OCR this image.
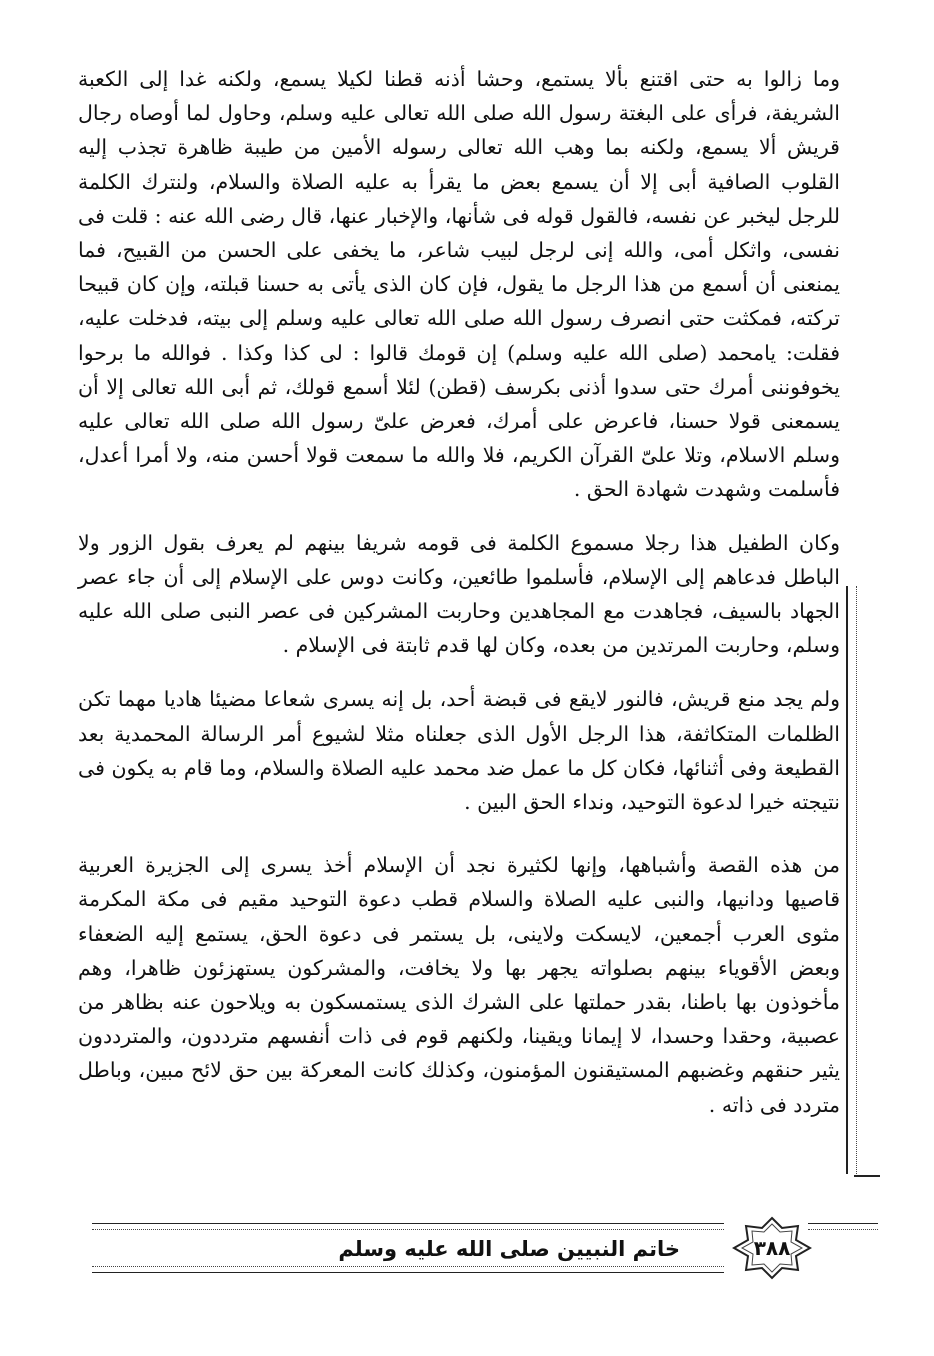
وما زالوا به حتى اقتنع بألا يستمع، وحشا أذنه قطنا لكيلا يسمع، ولكنه غدا إلى الكعبة الشريفة، فرأى على البغتة رسول الله صلى الله تعالى عليه وسلم، وحاول لما أوصاه رجال قريش ألا يسمع، ولكنه بما وهب الله تعالى رسوله الأمين من طيبة ظاهرة تجذب إليه القلوب الصافية أبى إلا أن يسمع بعض ما يقرأ به عليه الصلاة والسلام، ولنترك الكلمة للرجل ليخبر عن نفسه، فالقول قوله فى شأنها، والإخبار عنها، قال رضى الله عنه : قلت فى نفسى، واثكل أمى، والله إنى لرجل لبيب شاعر، ما يخفى على الحسن من القبيح، فما يمنعنى أن أسمع من هذا الرجل ما يقول، فإن كان الذى يأتى به حسنا قبلته، وإن كان قبيحا تركته، فمكثت حتى انصرف رسول الله صلى الله تعالى عليه وسلم إلى بيته، فدخلت عليه، فقلت: يامحمد (صلى الله عليه وسلم) إن قومك قالوا : لى كذا وكذا . فوالله ما برحوا يخوفوننى أمرك حتى سدوا أذنى بكرسف (قطن) لئلا أسمع قولك، ثم أبى الله تعالى إلا أن يسمعنى قولا حسنا، فاعرض على أمرك، فعرض علىّ رسول الله صلى الله تعالى عليه وسلم الاسلام، وتلا علىّ القرآن الكريم، فلا والله ما سمعت قولا أحسن منه، ولا أمرا أعدل، فأسلمت وشهدت شهادة الحق .

وكان الطفيل هذا رجلا مسموع الكلمة فى قومه شريفا بينهم لم يعرف بقول الزور ولا الباطل فدعاهم إلى الإسلام، فأسلموا طائعين، وكانت دوس على الإسلام إلى أن جاء عصر الجهاد بالسيف، فجاهدت مع المجاهدين وحاربت المشركين فى عصر النبى صلى الله عليه وسلم، وحاربت المرتدين من بعده، وكان لها قدم ثابتة فى الإسلام .

ولم يجد منع قريش، فالنور لايقع فى قبضة أحد، بل إنه يسرى شعاعا مضيئا هاديا مهما تكن الظلمات المتكاثفة، هذا الرجل الأول الذى جعلناه مثلا لشيوع أمر الرسالة المحمدية بعد القطيعة وفى أثنائها، فكان كل ما عمل ضد محمد عليه الصلاة والسلام، وما قام به يكون فى نتيجته خيرا لدعوة التوحيد، ونداء الحق البين .

من هذه القصة وأشباهها، وإنها لكثيرة نجد أن الإسلام أخذ يسرى إلى الجزيرة العربية قاصيها ودانيها، والنبى عليه الصلاة والسلام قطب دعوة التوحيد مقيم فى مكة المكرمة مثوى العرب أجمعين، لايسكت ولاينى، بل يستمر فى دعوة الحق، يستمع إليه الضعفاء وبعض الأقوياء بينهم بصلواته يجهر بها ولا يخافت، والمشركون يستهزئون ظاهرا، وهم مأخوذون بها باطنا، بقدر حملتها على الشرك الذى يستمسكون به ويلاحون عنه بظاهر من عصبية، وحقدا وحسدا، لا إيمانا ويقينا، ولكنهم قوم فى ذات أنفسهم مترددون، والمترددون يثير حنقهم وغضبهم المستيقنون المؤمنون، وكذلك كانت المعركة بين حق لائح مبين، وباطل متردد فى ذاته .

خاتم النبيين صلى الله عليه وسلم	٣٨٨
